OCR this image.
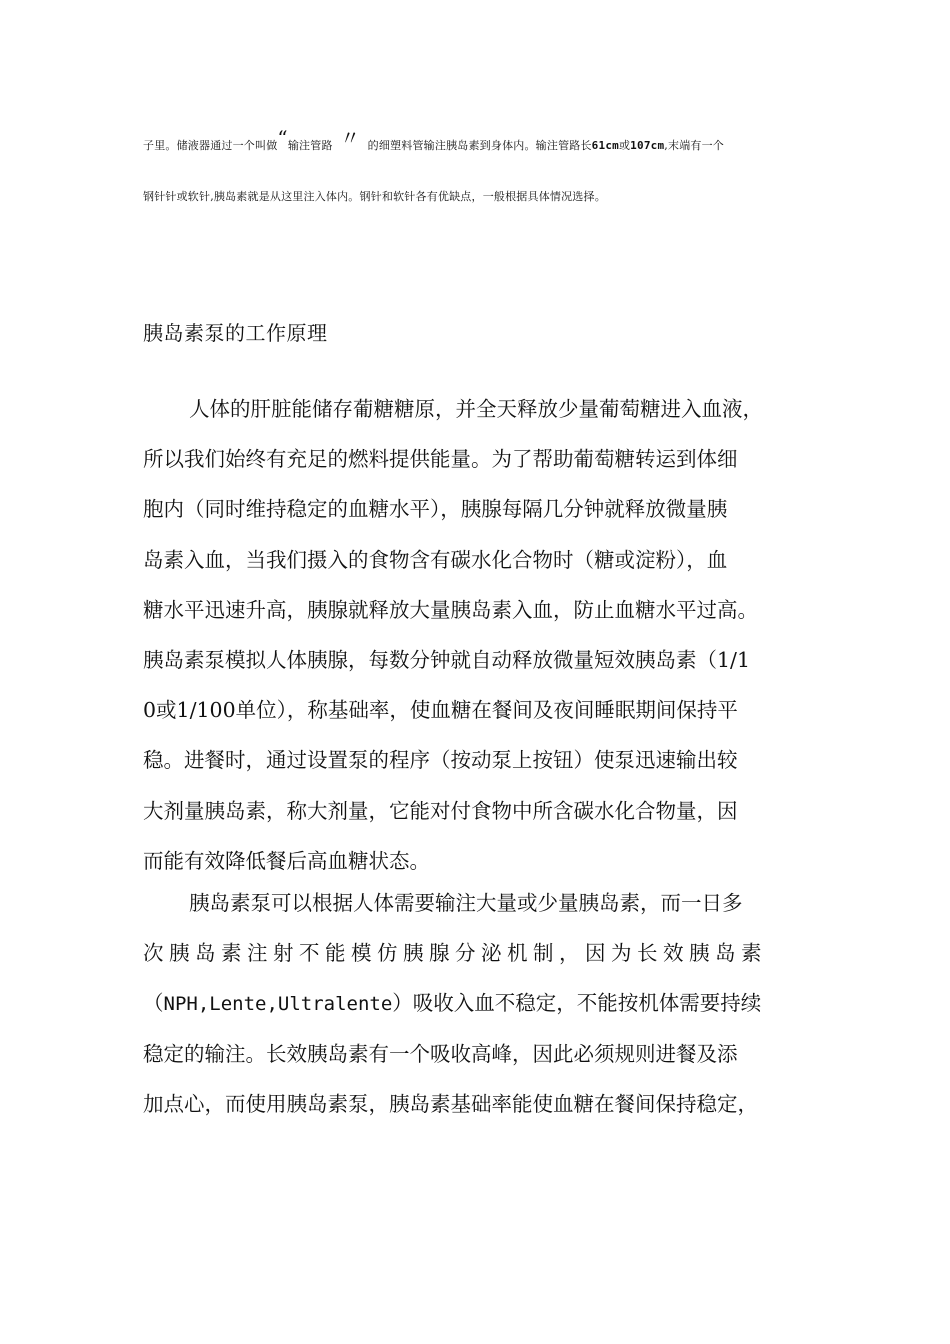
子里。储液器通过一个叫做“输注管路 〃 的细塑料管输注胰岛素到身体内。输注管路长61cm或107cm,末端有一个
钢针针或软针,胰岛素就是从这里注入体内。钢针和软针各有优缺点，一般根据具体情况选择。
胰岛素泵的工作原理
人体的肝脏能储存葡糖糖原，并全天释放少量葡萄糖进入血液，
所以我们始终有充足的燃料提供能量。为了帮助葡萄糖转运到体细
胞内（同时维持稳定的血糖水平），胰腺每隔几分钟就释放微量胰
岛素入血，当我们摄入的食物含有碳水化合物时（糖或淀粉），血
糖水平迅速升高，胰腺就释放大量胰岛素入血，防止血糖水平过高。
胰岛素泵模拟人体胰腺，每数分钟就自动释放微量短效胰岛素（1/1
0或1/100单位），称基础率，使血糖在餐间及夜间睡眠期间保持平
稳。进餐时，通过设置泵的程序（按动泵上按钮）使泵迅速输出较
大剂量胰岛素，称大剂量，它能对付食物中所含碳水化合物量，因
而能有效降低餐后高血糖状态。
胰岛素泵可以根据人体需要输注大量或少量胰岛素，而一日多
次胰岛素注射不能模仿胰腺分泌机制，因为长效胰岛素
（NPH,Lente,Ultralente）吸收入血不稳定，不能按机体需要持续
稳定的输注。长效胰岛素有一个吸收高峰，因此必须规则进餐及添
加点心，而使用胰岛素泵，胰岛素基础率能使血糖在餐间保持稳定，
